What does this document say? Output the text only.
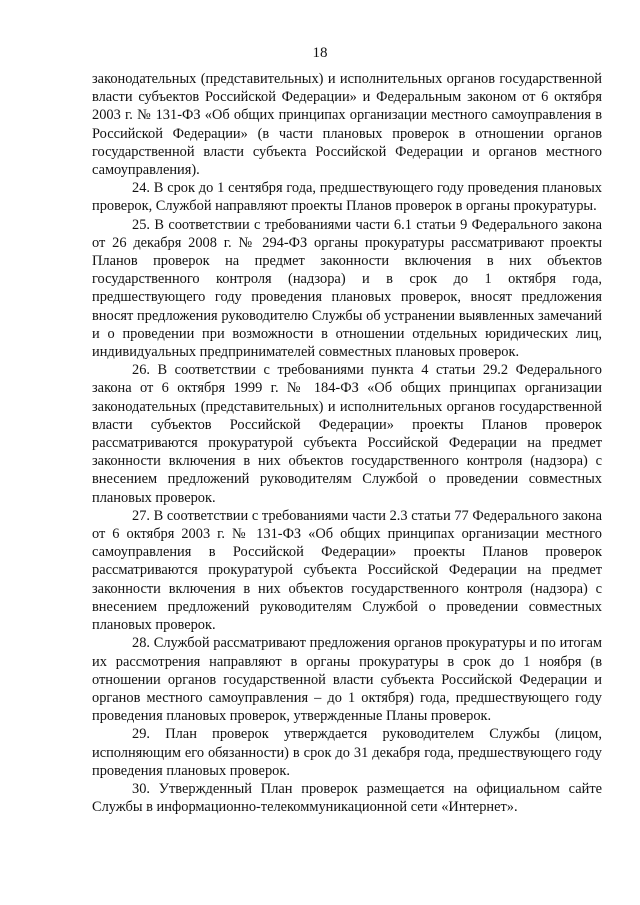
18

законодательных (представительных) и исполнительных органов государственной власти субъектов Российской Федерации» и Федеральным законом от 6 октября 2003 г. № 131-ФЗ «Об общих принципах организации местного самоуправления в Российской Федерации» (в части плановых проверок в отношении органов государственной власти субъекта Российской Федерации и органов местного самоуправления).

24. В срок до 1 сентября года, предшествующего году проведения плановых проверок, Службой направляют проекты Планов проверок в органы прокуратуры.

25. В соответствии с требованиями части 6.1 статьи 9 Федерального закона от 26 декабря 2008 г. № 294-ФЗ органы прокуратуры рассматривают проекты Планов проверок на предмет законности включения в них объектов государственного контроля (надзора) и в срок до 1 октября года, предшествующего году проведения плановых проверок, вносят предложения вносят предложения руководителю Службы об устранении выявленных замечаний и о проведении при возможности в отношении отдельных юридических лиц, индивидуальных предпринимателей совместных плановых проверок.

26. В соответствии с требованиями пункта 4 статьи 29.2 Федерального закона от 6 октября 1999 г. № 184-ФЗ «Об общих принципах организации законодательных (представительных) и исполнительных органов государственной власти субъектов Российской Федерации» проекты Планов проверок рассматриваются прокуратурой субъекта Российской Федерации на предмет законности включения в них объектов государственного контроля (надзора) с внесением предложений руководителям Службой о проведении совместных плановых проверок.

27. В соответствии с требованиями части 2.3 статьи 77 Федерального закона от 6 октября 2003 г. № 131-ФЗ «Об общих принципах организации местного самоуправления в Российской Федерации» проекты Планов проверок рассматриваются прокуратурой субъекта Российской Федерации на предмет законности включения в них объектов государственного контроля (надзора) с внесением предложений руководителям Службой о проведении совместных плановых проверок.

28. Службой рассматривают предложения органов прокуратуры и по итогам их рассмотрения направляют в органы прокуратуры в срок до 1 ноября (в отношении органов государственной власти субъекта Российской Федерации и органов местного самоуправления – до 1 октября) года, предшествующего году проведения плановых проверок, утвержденные Планы проверок.

29. План проверок утверждается руководителем Службы (лицом, исполняющим его обязанности) в срок до 31 декабря года, предшествующего году проведения плановых проверок.

30. Утвержденный План проверок размещается на официальном сайте Службы в информационно-телекоммуникационной сети «Интернет».
